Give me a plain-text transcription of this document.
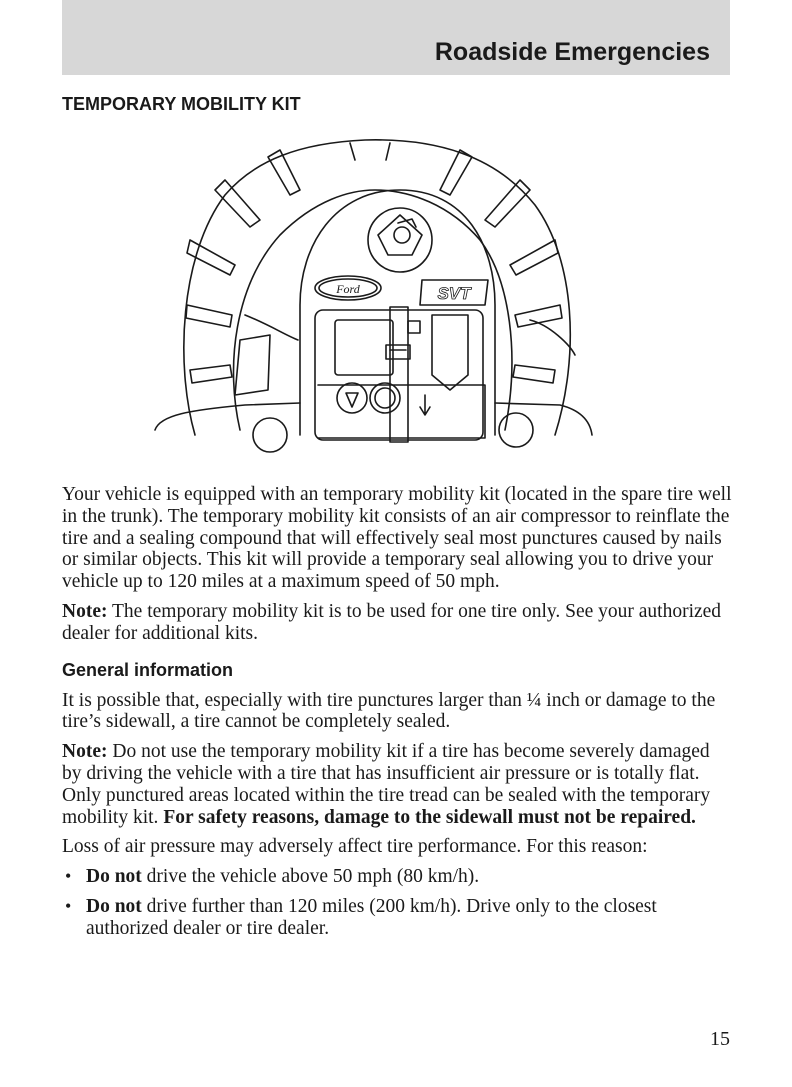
Roadside Emergencies
TEMPORARY MOBILITY KIT
Ford	SVT

Your vehicle is equipped with an temporary mobility kit (located in the spare tire well in the trunk). The temporary mobility kit consists of an air compressor to reinflate the tire and a sealing compound that will effectively seal most punctures caused by nails or similar objects. This kit will provide a temporary seal allowing you to drive your vehicle up to 120 miles at a maximum speed of 50 mph.

Note: The temporary mobility kit is to be used for one tire only. See your authorized dealer for additional kits.

General information

It is possible that, especially with tire punctures larger than ¼ inch or damage to the tire’s sidewall, a tire cannot be completely sealed.

Note: Do not use the temporary mobility kit if a tire has become severely damaged by driving the vehicle with a tire that has insufficient air pressure or is totally flat. Only punctured areas located within the tire tread can be sealed with the temporary mobility kit. For safety reasons, damage to the sidewall must not be repaired.

Loss of air pressure may adversely affect tire performance. For this reason:

• Do not drive the vehicle above 50 mph (80 km/h).
• Do not drive further than 120 miles (200 km/h). Drive only to the closest authorized dealer or tire dealer.
15
